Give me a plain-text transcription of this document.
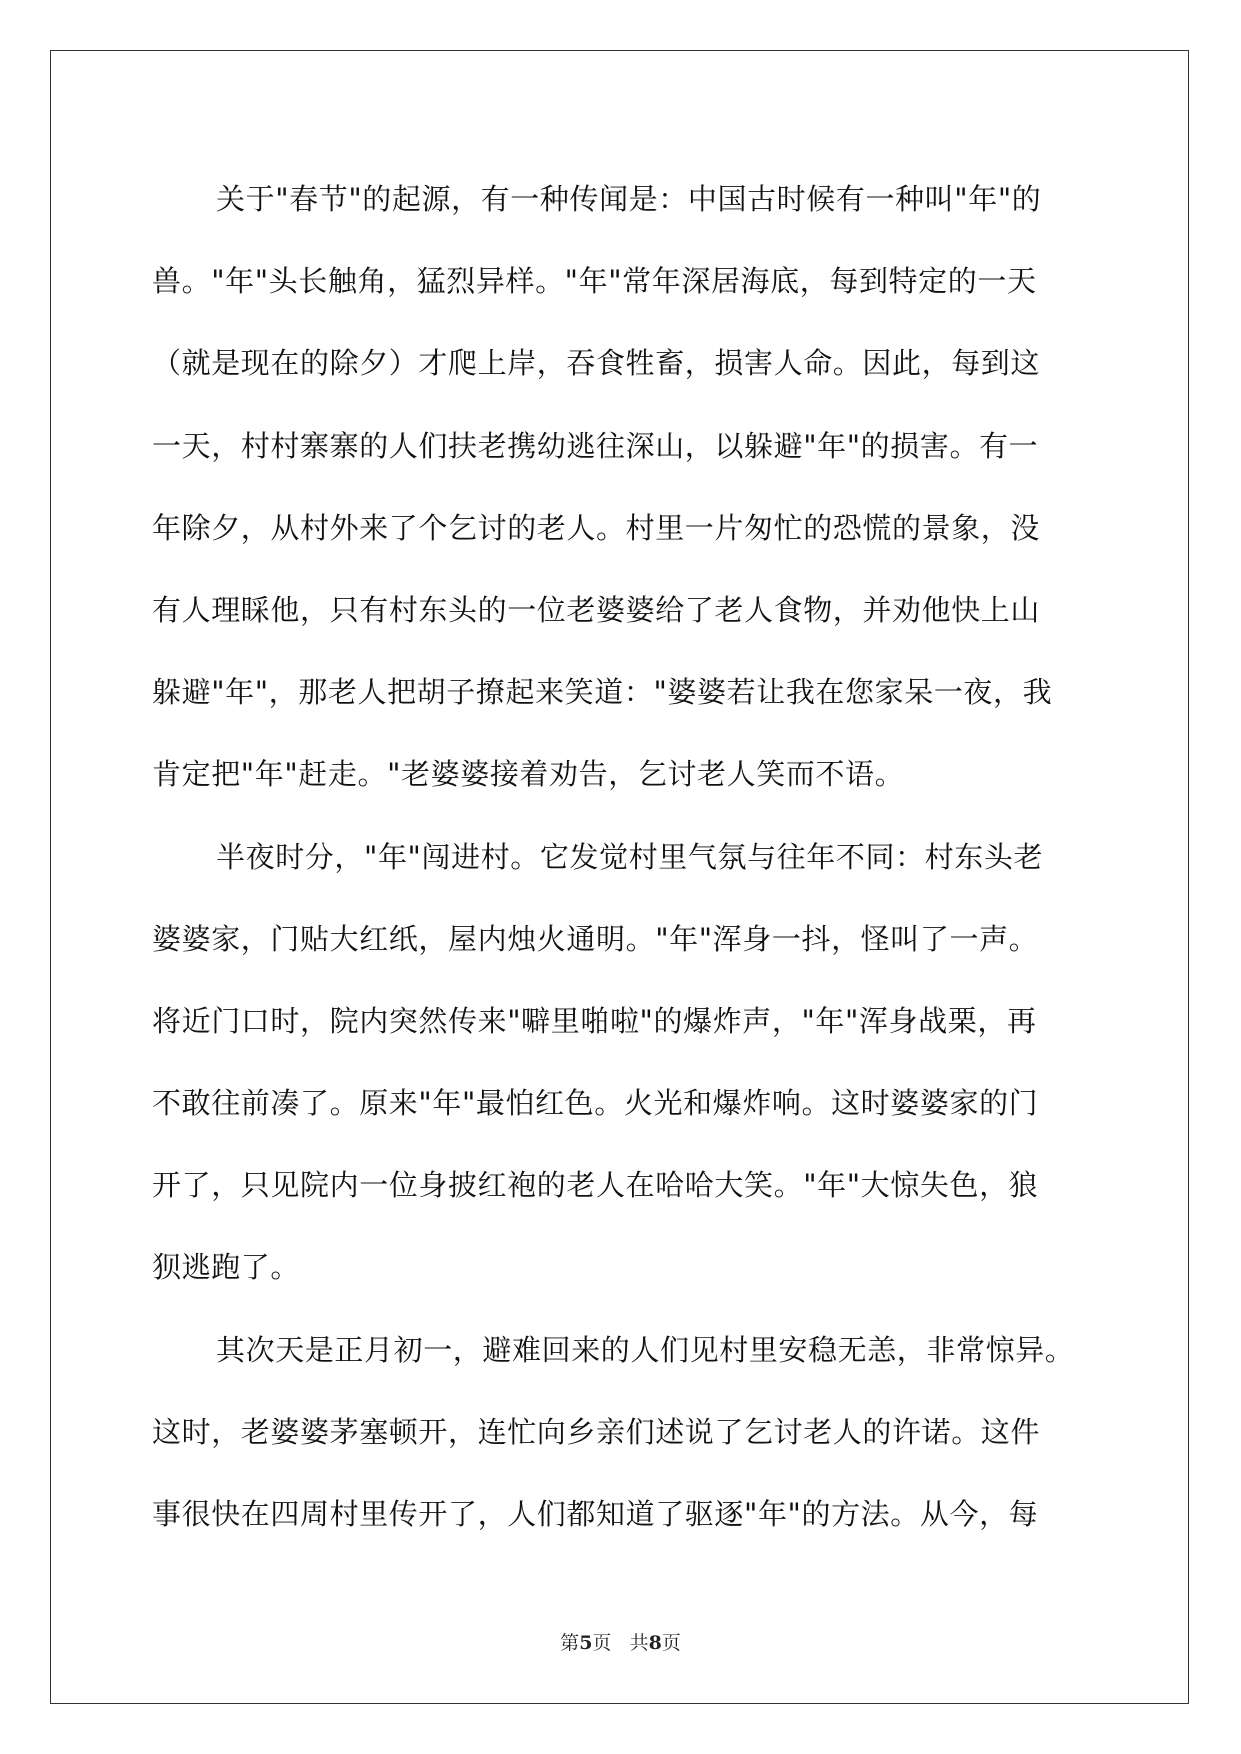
关于"春节"的起源，有一种传闻是：中国古时候有一种叫"年"的
兽。"年"头长触角，猛烈异样。"年"常年深居海底，每到特定的一天
（就是现在的除夕）才爬上岸，吞食牲畜，损害人命。因此，每到这
一天，村村寨寨的人们扶老携幼逃往深山，以躲避"年"的损害。有一
年除夕，从村外来了个乞讨的老人。村里一片匆忙的恐慌的景象，没
有人理睬他，只有村东头的一位老婆婆给了老人食物，并劝他快上山
躲避"年"，那老人把胡子撩起来笑道："婆婆若让我在您家呆一夜，我
肯定把"年"赶走。"老婆婆接着劝告，乞讨老人笑而不语。
半夜时分，"年"闯进村。它发觉村里气氛与往年不同：村东头老
婆婆家，门贴大红纸，屋内烛火通明。"年"浑身一抖，怪叫了一声。
将近门口时，院内突然传来"噼里啪啦"的爆炸声，"年"浑身战栗，再
不敢往前凑了。原来"年"最怕红色。火光和爆炸响。这时婆婆家的门
开了，只见院内一位身披红袍的老人在哈哈大笑。"年"大惊失色，狼
狈逃跑了。
其次天是正月初一，避难回来的人们见村里安稳无恙，非常惊异。
这时，老婆婆茅塞顿开，连忙向乡亲们述说了乞讨老人的许诺。这件
事很快在四周村里传开了，人们都知道了驱逐"年"的方法。从今，每
第5页 共8页
